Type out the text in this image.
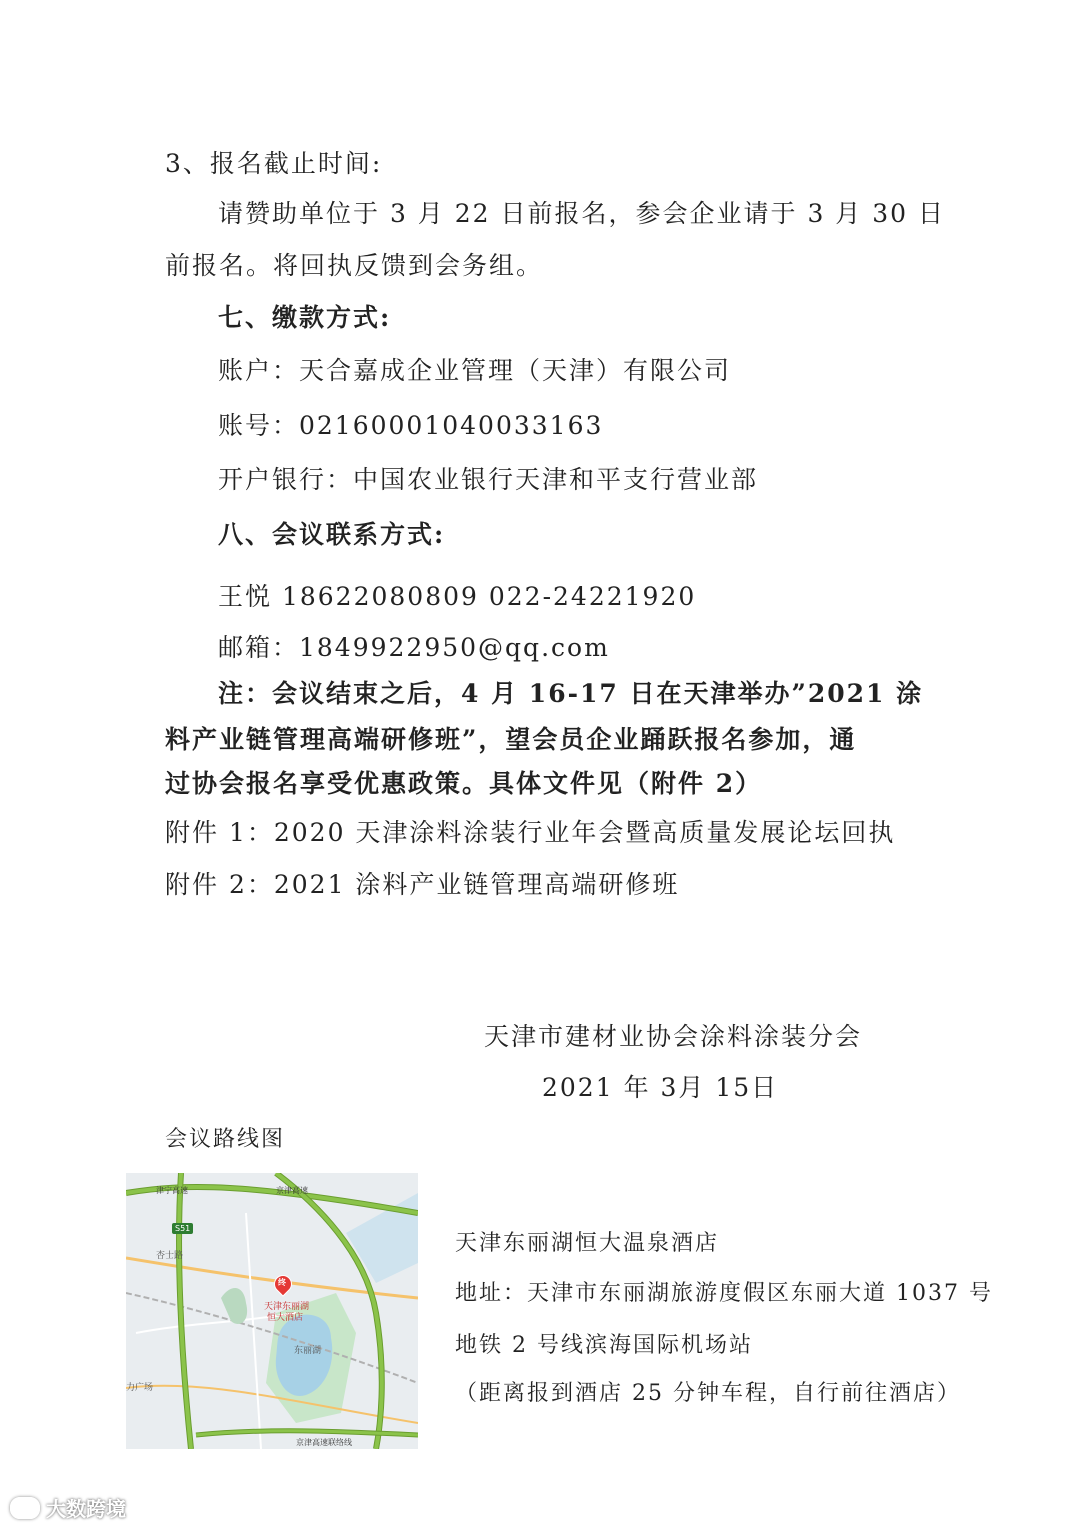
3、报名截止时间:
请赞助单位于 3 月 22 日前报名，参会企业请于 3 月 30 日
前报名。将回执反馈到会务组。
七、缴款方式:
账户：天合嘉成企业管理（天津）有限公司
账号：02160001040033163
开户银行：中国农业银行天津和平支行营业部
八、会议联系方式:
王悦 18622080809 022-24221920
邮箱：1849922950@qq.com
注：会议结束之后，4 月 16-17 日在天津举办”2021 涂
料产业链管理高端研修班”，望会员企业踊跃报名参加，通
过协会报名享受优惠政策。具体文件见（附件 2）
附件 1：2020 天津涂料涂装行业年会暨高质量发展论坛回执
附件 2：2021 涂料产业链管理高端研修班
天津市建材业协会涂料涂装分会
2021 年 3月 15日
会议路线图
津宁高速	京津高速
S51
杏士路
终
天津东丽湖
恒大酒店
东丽湖
力广场
京津高速联络线
天津东丽湖恒大温泉酒店
地址：天津市东丽湖旅游度假区东丽大道 1037 号
地铁 2 号线滨海国际机场站
（距离报到酒店 25 分钟车程，自行前往酒店）
大数跨境
